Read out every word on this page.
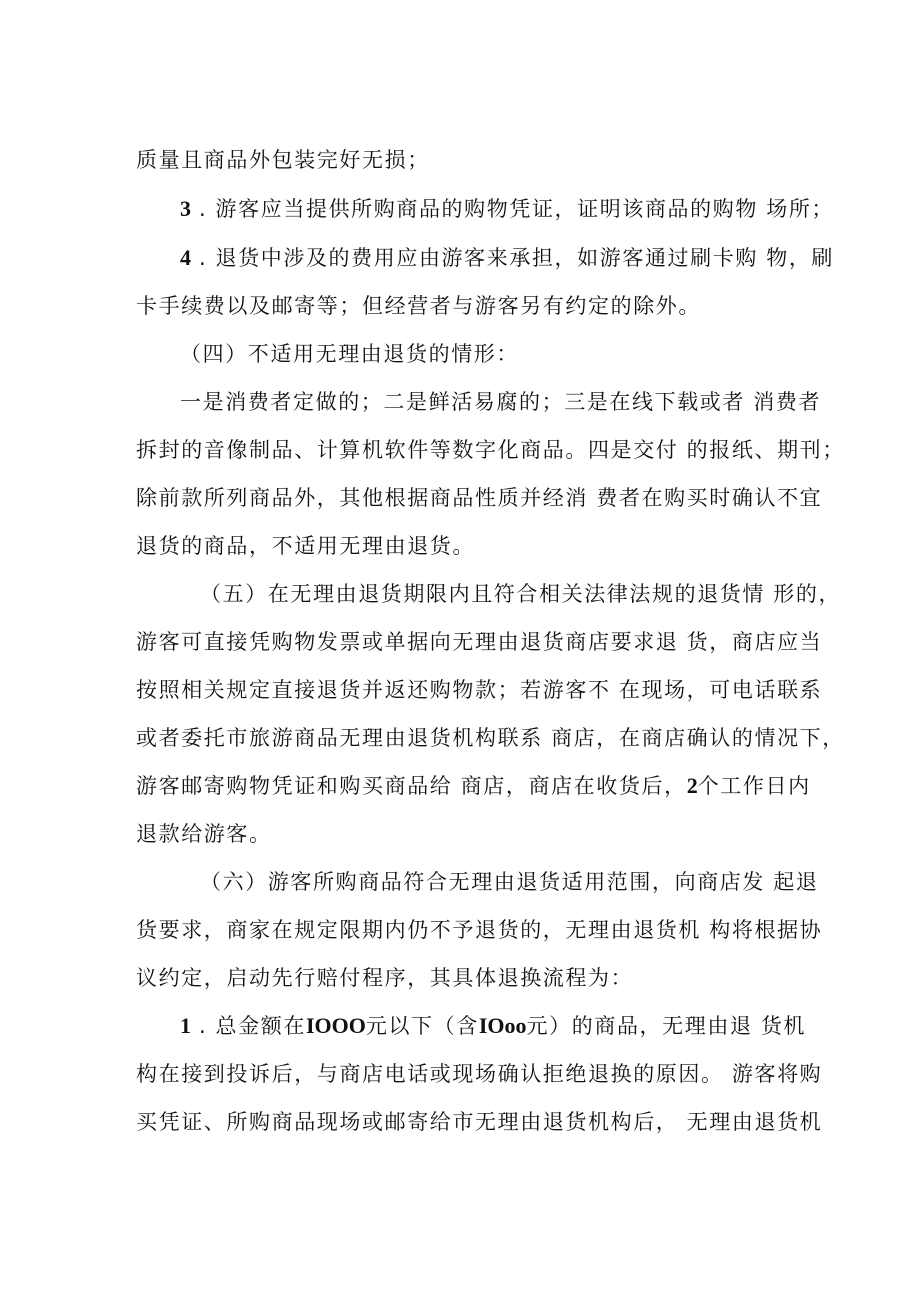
质量且商品外包装完好无损；
3 . 游客应当提供所购商品的购物凭证，证明该商品的购物 场所；
4 . 退货中涉及的费用应由游客来承担，如游客通过刷卡购 物，刷
卡手续费以及邮寄等；但经营者与游客另有约定的除外。
（四）不适用无理由退货的情形：
一是消费者定做的；二是鲜活易腐的；三是在线下载或者 消费者
拆封的音像制品、计算机软件等数字化商品。四是交付 的报纸、期刊；
除前款所列商品外，其他根据商品性质并经消 费者在购买时确认不宜
退货的商品，不适用无理由退货。
（五）在无理由退货期限内且符合相关法律法规的退货情 形的，
游客可直接凭购物发票或单据向无理由退货商店要求退 货，商店应当
按照相关规定直接退货并返还购物款；若游客不 在现场，可电话联系
或者委托市旅游商品无理由退货机构联系 商店，在商店确认的情况下，
游客邮寄购物凭证和购买商品给 商店，商店在收货后，2个工作日内
退款给游客。
（六）游客所购商品符合无理由退货适用范围，向商店发 起退
货要求，商家在规定限期内仍不予退货的，无理由退货机 构将根据协
议约定，启动先行赔付程序，其具体退换流程为：
1 . 总金额在IOOO元以下（含IOoo元）的商品，无理由退 货机
构在接到投诉后，与商店电话或现场确认拒绝退换的原因。 游客将购
买凭证、所购商品现场或邮寄给市无理由退货机构后， 无理由退货机
